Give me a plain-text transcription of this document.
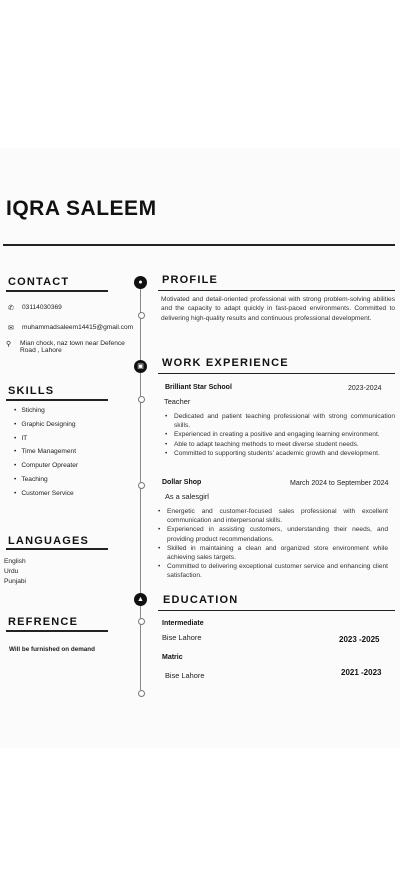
IQRA SALEEM
CONTACT
✆	03114030369
✉	muhammadsaleem14415@gmail.com
⚲	Mian chock, naz town near Defence
Road , Lahore
SKILLS
• Stiching
• Graphic Designing
• IT
• Time Management
• Computer Opreater
• Teaching
• Customer Service
LANGUAGES
English
Urdu
Punjabi
REFRENCE
Will be furnished on demand
●
▣
▲
PROFILE
Motivated and detail-oriented professional with strong problem-solving abilities and the capacity to adapt quickly in fast-paced environments. Committed to delivering high-quality results and continuous professional development.
WORK EXPERIENCE
Brilliant Star School	2023-2024
Teacher
• Dedicated and patient teaching professional with strong communication skills.
• Experienced in creating a positive and engaging learning environment.
• Able to adapt teaching methods to meet diverse student needs.
• Committed to supporting students' academic growth and development.
Dollar Shop	March 2024 to September 2024
As a salesgirl
• Energetic and customer-focused sales professional with excellent communication and interpersonal skills.
• Experienced in assisting customers, understanding their needs, and providing product recommendations.
• Skilled in maintaining a clean and organized store environment while achieving sales targets.
• Committed to delivering exceptional customer service and enhancing client satisfaction.
EDUCATION
Intermediate
Bise Lahore	2023 -2025
Matric
Bise Lahore	2021 -2023
